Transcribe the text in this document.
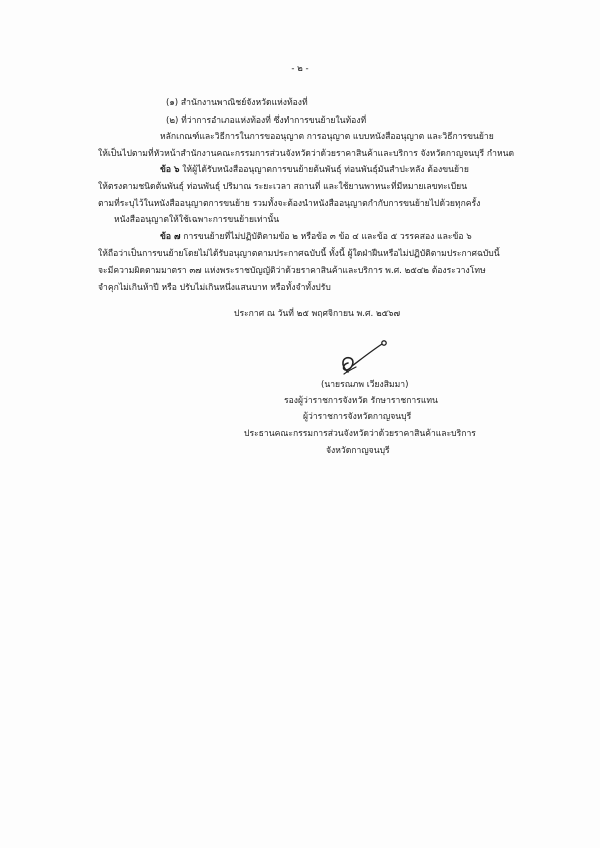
- ๒ -
(๑) สำนักงานพาณิชย์จังหวัดแห่งท้องที่
(๒) ที่ว่าการอำเภอแห่งท้องที่ ซึ่งทำการขนย้ายในท้องที่
หลักเกณฑ์และวิธีการในการขออนุญาต การอนุญาต แบบหนังสืออนุญาต และวิธีการขนย้าย
ให้เป็นไปตามที่หัวหน้าสำนักงานคณะกรรมการส่วนจังหวัดว่าด้วยราคาสินค้าและบริการ จังหวัดกาญจนบุรี กำหนด
ข้อ ๖ ให้ผู้ได้รับหนังสืออนุญาตการขนย้ายต้นพันธุ์ ท่อนพันธุ์มันสำปะหลัง ต้องขนย้าย
ให้ตรงตามชนิดต้นพันธุ์ ท่อนพันธุ์ ปริมาณ ระยะเวลา สถานที่ และใช้ยานพาหนะที่มีหมายเลขทะเบียน
ตามที่ระบุไว้ในหนังสืออนุญาตการขนย้าย รวมทั้งจะต้องนำหนังสืออนุญาตกำกับการขนย้ายไปด้วยทุกครั้ง
หนังสืออนุญาตให้ใช้เฉพาะการขนย้ายเท่านั้น
ข้อ ๗ การขนย้ายที่ไม่ปฏิบัติตามข้อ ๒ หรือข้อ ๓ ข้อ ๔ และข้อ ๕ วรรคสอง และข้อ ๖
ให้ถือว่าเป็นการขนย้ายโดยไม่ได้รับอนุญาตตามประกาศฉบับนี้ ทั้งนี้ ผู้ใดฝ่าฝืนหรือไม่ปฏิบัติตามประกาศฉบับนี้
จะมีความผิดตามมาตรา ๓๗ แห่งพระราชบัญญัติว่าด้วยราคาสินค้าและบริการ พ.ศ. ๒๕๔๒ ต้องระวางโทษ
จำคุกไม่เกินห้าปี หรือ ปรับไม่เกินหนึ่งแสนบาท หรือทั้งจำทั้งปรับ
ประกาศ ณ วันที่ ๒๕ พฤศจิกายน พ.ศ. ๒๕๖๗
(นายรณภพ เวียงสิมมา)
รองผู้ว่าราชการจังหวัด รักษาราชการแทน
ผู้ว่าราชการจังหวัดกาญจนบุรี
ประธานคณะกรรมการส่วนจังหวัดว่าด้วยราคาสินค้าและบริการ
จังหวัดกาญจนบุรี
